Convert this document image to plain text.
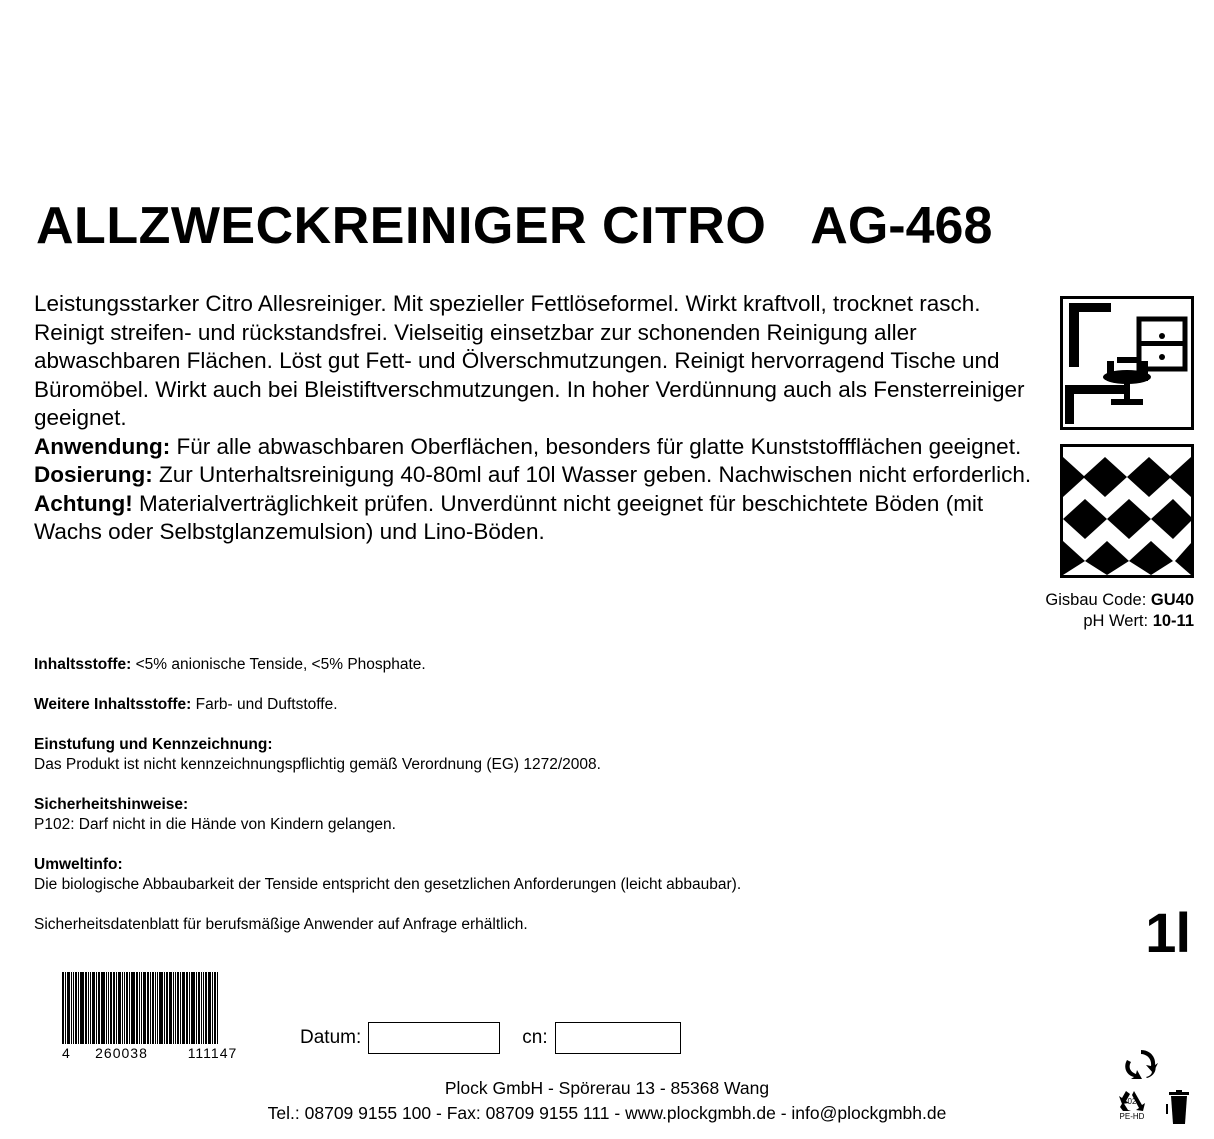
ALLZWECKREINIGER CITRO AG-468

Leistungsstarker Citro Allesreiniger. Mit spezieller Fettlöseformel. Wirkt kraftvoll, trocknet rasch. Reinigt streifen- und rückstandsfrei. Vielseitig einsetzbar zur schonenden Reinigung aller abwaschbaren Flächen. Löst gut Fett- und Ölverschmutzungen. Reinigt hervorragend Tische und Büromöbel. Wirkt auch bei Bleistiftverschmutzungen. In hoher Verdünnung auch als Fensterreiniger geeignet.

Anwendung: Für alle abwaschbaren Oberflächen, besonders für glatte Kunststoffflächen geeignet.

Dosierung: Zur Unterhaltsreinigung 40-80ml auf 10l Wasser geben. Nachwischen nicht erforderlich.

Achtung! Materialverträglichkeit prüfen. Unverdünnt nicht geeignet für beschichtete Böden (mit Wachs oder Selbstglanzemulsion) und Lino-Böden.

Gisbau Code: GU40
pH Wert: 10-11
Inhaltsstoffe: <5% anionische Tenside, <5% Phosphate.
Weitere Inhaltsstoffe: Farb- und Duftstoffe.
Einstufung und Kennzeichnung:
Das Produkt ist nicht kennzeichnungspflichtig gemäß Verordnung (EG) 1272/2008.
Sicherheitshinweise:
P102: Darf nicht in die Hände von Kindern gelangen.
Umweltinfo:
Die biologische Abbaubarkeit der Tenside entspricht den gesetzlichen Anforderungen (leicht abbaubar).
Sicherheitsdatenblatt für berufsmäßige Anwender auf Anfrage erhältlich.	1l
4	260038	111147
Datum:	cn:
Plock GmbH - Spörerau 13 - 85368 Wang
Tel.: 08709 9155 100 - Fax: 08709 9155 111 - www.plockgmbh.de - info@plockgmbh.de
02
PE-HD
